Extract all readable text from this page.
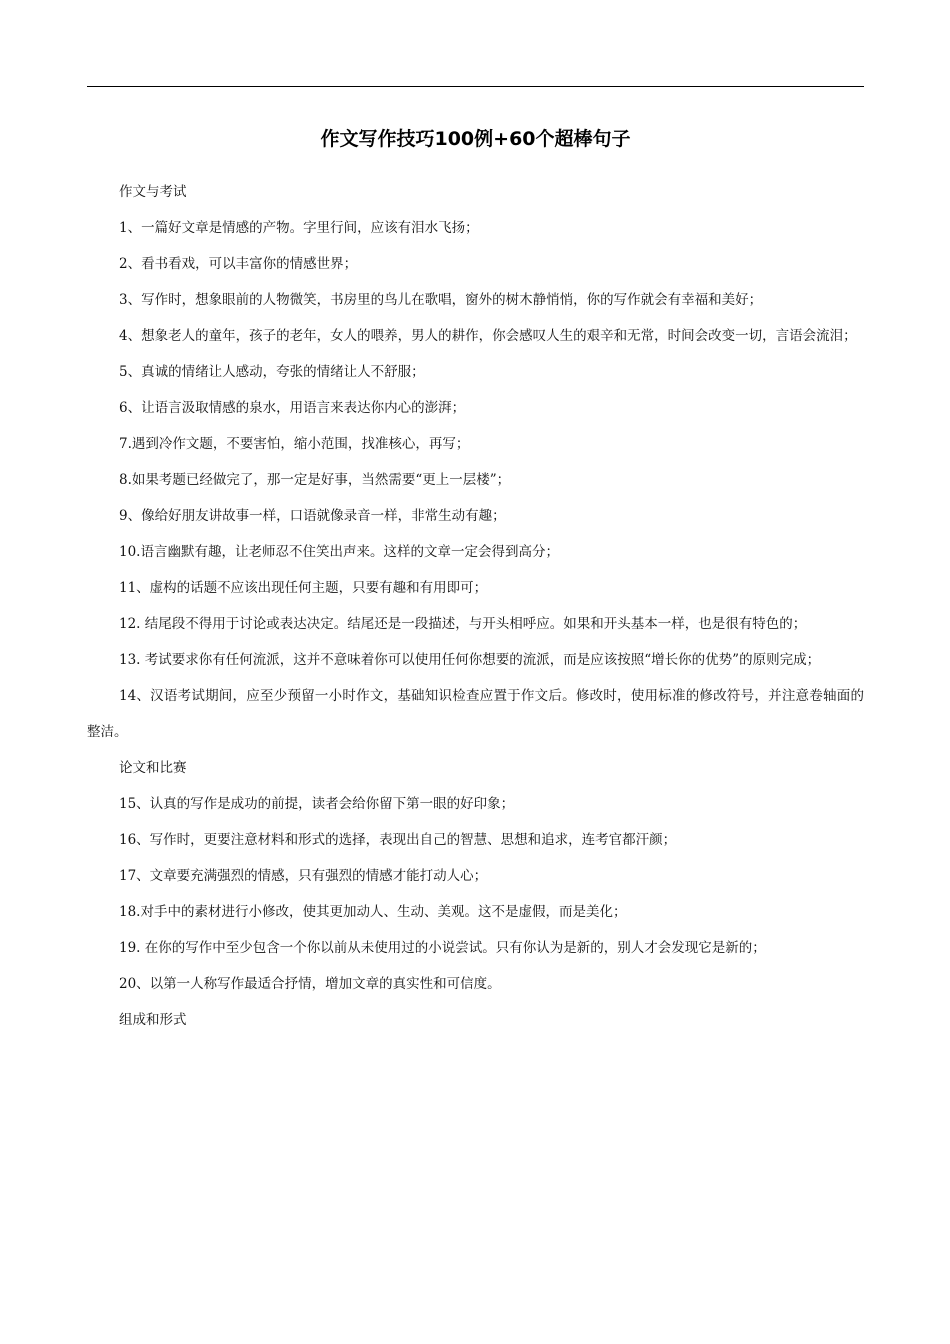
作文写作技巧100例+60个超棒句子

作文与考试

1、一篇好文章是情感的产物。字里行间，应该有泪水飞扬；

2、看书看戏，可以丰富你的情感世界；

3、写作时，想象眼前的人物微笑，书房里的鸟儿在歌唱，窗外的树木静悄悄，你的写作就会有幸福和美好；

4、想象老人的童年，孩子的老年，女人的喂养，男人的耕作，你会感叹人生的艰辛和无常，时间会改变一切，言语会流泪；

5、真诚的情绪让人感动，夸张的情绪让人不舒服；

6、让语言汲取情感的泉水，用语言来表达你内心的澎湃；

7.遇到冷作文题，不要害怕，缩小范围，找准核心，再写；

8.如果考题已经做完了，那一定是好事，当然需要“更上一层楼”；

9、像给好朋友讲故事一样，口语就像录音一样，非常生动有趣；

10.语言幽默有趣，让老师忍不住笑出声来。这样的文章一定会得到高分；

11、虚构的话题不应该出现任何主题，只要有趣和有用即可；

12. 结尾段不得用于讨论或表达决定。结尾还是一段描述，与开头相呼应。如果和开头基本一样，也是很有特色的；

13. 考试要求你有任何流派，这并不意味着你可以使用任何你想要的流派，而是应该按照“增长你的优势”的原则完成；

14、汉语考试期间，应至少预留一小时作文，基础知识检查应置于作文后。修改时，使用标准的修改符号，并注意卷轴面的整洁。

论文和比赛

15、认真的写作是成功的前提，读者会给你留下第一眼的好印象；

16、写作时，更要注意材料和形式的选择，表现出自己的智慧、思想和追求，连考官都汗颜；

17、文章要充满强烈的情感，只有强烈的情感才能打动人心；

18.对手中的素材进行小修改，使其更加动人、生动、美观。这不是虚假，而是美化；

19. 在你的写作中至少包含一个你以前从未使用过的小说尝试。只有你认为是新的，别人才会发现它是新的；

20、以第一人称写作最适合抒情，增加文章的真实性和可信度。

组成和形式
